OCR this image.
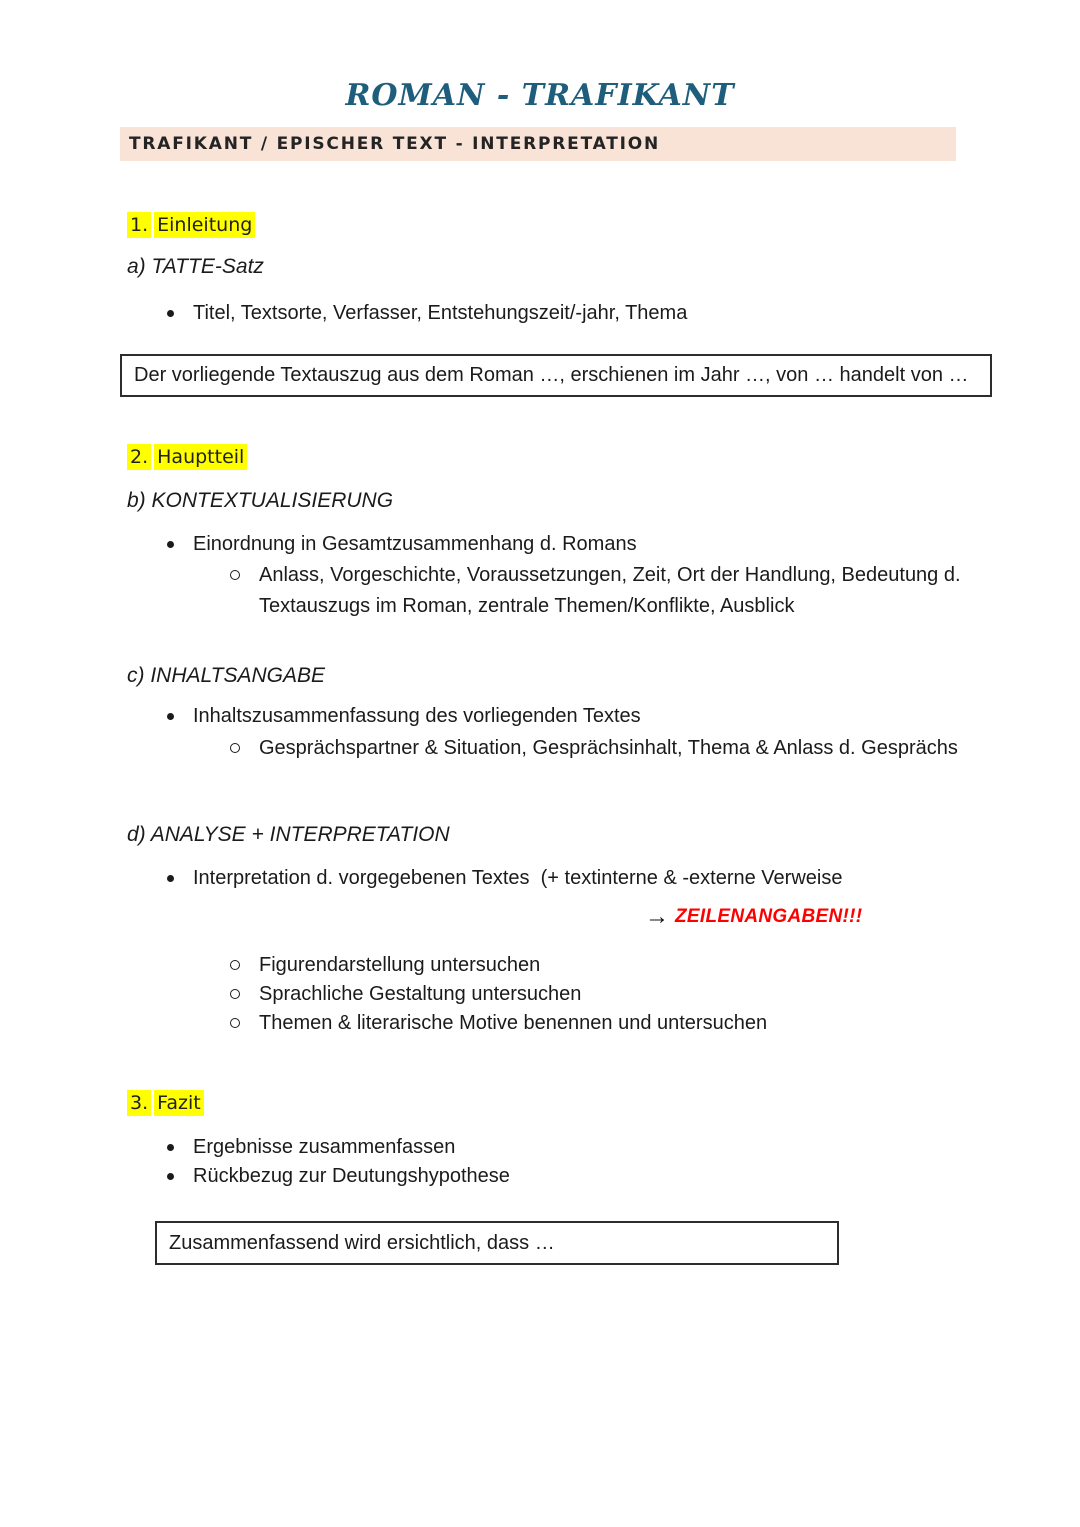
ROMAN - TRAFIKANT
TRAFIKANT / EPISCHER TEXT - INTERPRETATION
1. Einleitung
a) TATTE-Satz
Titel, Textsorte, Verfasser, Entstehungszeit/-jahr, Thema
Der vorliegende Textauszug aus dem Roman …, erschienen im Jahr …, von … handelt von …
2. Hauptteil
b) KONTEXTUALISIERUNG
Einordnung in Gesamtzusammenhang d. Romans
Anlass, Vorgeschichte, Voraussetzungen, Zeit, Ort der Handlung, Bedeutung d. Textauszugs im Roman, zentrale Themen/Konflikte, Ausblick
c) INHALTSANGABE
Inhaltszusammenfassung des vorliegenden Textes
Gesprächspartner & Situation, Gesprächsinhalt, Thema & Anlass d. Gesprächs
d) ANALYSE + INTERPRETATION
Interpretation d. vorgegebenen Textes  (+ textinterne & -externe Verweise
→ ZEILENANGABEN!!!
Figurendarstellung untersuchen
Sprachliche Gestaltung untersuchen
Themen & literarische Motive benennen und untersuchen
3. Fazit
Ergebnisse zusammenfassen
Rückbezug zur Deutungshypothese
Zusammenfassend wird ersichtlich, dass …
